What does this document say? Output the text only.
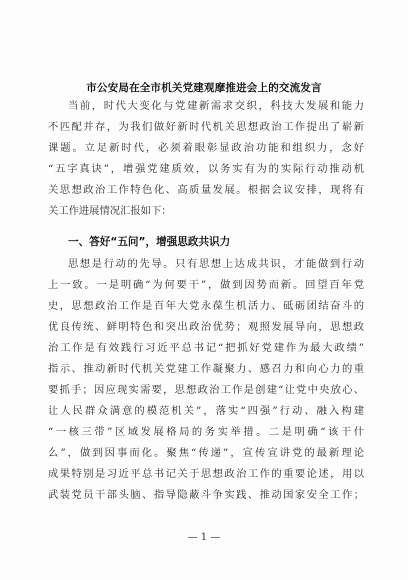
市公安局在全市机关党建观摩推进会上的交流发言
当前，时代大变化与党建新需求交织，科技大发展和能力
不匹配并存，为我们做好新时代机关思想政治工作提出了崭新
课题。立足新时代，必须着眼彰显政治功能和组织力，念好
“五字真诀”，增强党建质效，以务实有为的实际行动推动机
关思想政治工作特色化、高质量发展。根据会议安排，现将有
关工作进展情况汇报如下：
一、答好“五问”，增强思政共识力
思想是行动的先导。只有思想上达成共识，才能做到行动
上一致。一是明确“为何要干”，做到因势而新。回望百年党
史，思想政治工作是百年大党永葆生机活力、砥砺团结奋斗的
优良传统、鲜明特色和突出政治优势；观照发展导向，思想政
治工作是有效践行习近平总书记“把抓好党建作为最大政绩”
指示、推动新时代机关党建工作凝聚力、感召力和向心力的重
要抓手；因应现实需要，思想政治工作是创建“让党中央放心、
让人民群众满意的模范机关”，落实“四强”行动、融入构建
“一核三带”区域发展格局的务实举措。二是明确“该干什
么”，做到因事而化。聚焦“传递”，宣传宣讲党的最新理论
成果特别是习近平总书记关于思想政治工作的重要论述，用以
武装党员干部头脑、指导隐蔽斗争实践、推动国家安全工作；
— 1 —
